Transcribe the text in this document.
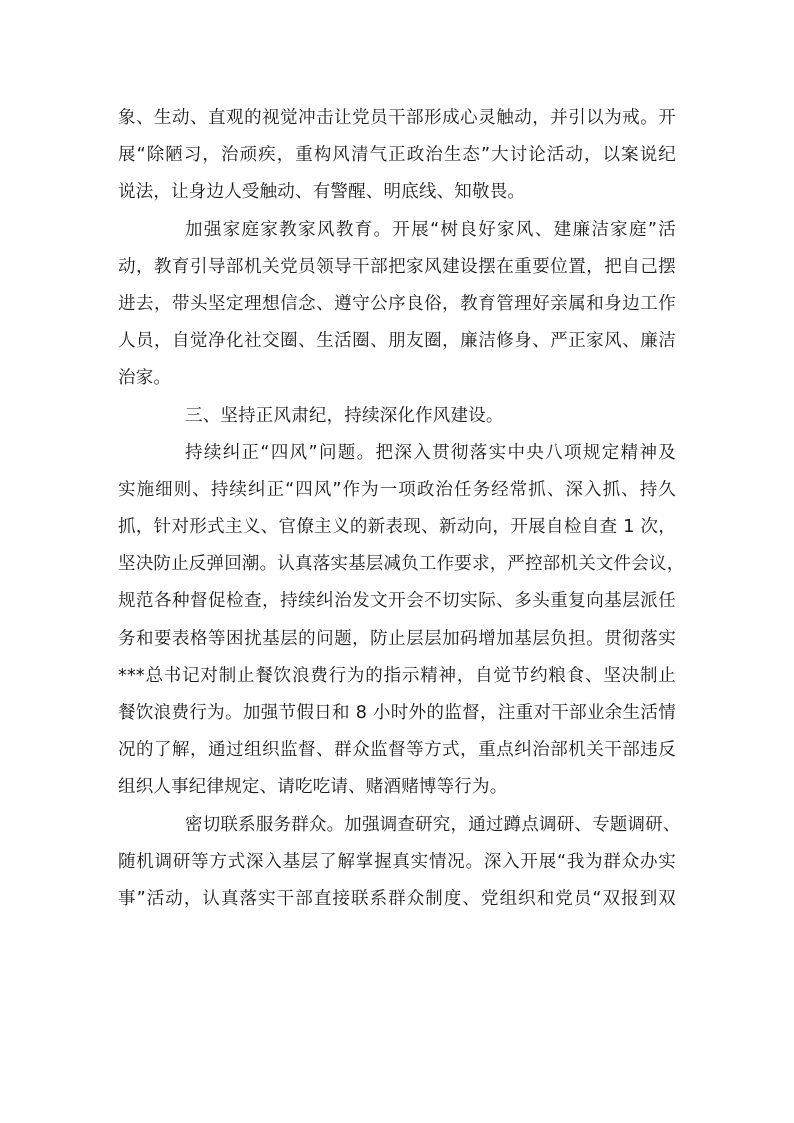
象、生动、直观的视觉冲击让党员干部形成心灵触动，并引以为戒。开
展“除陋习，治顽疾，重构风清气正政治生态”大讨论活动，以案说纪
说法，让身边人受触动、有警醒、明底线、知敬畏。
加强家庭家教家风教育。开展“树良好家风、建廉洁家庭”活
动，教育引导部机关党员领导干部把家风建设摆在重要位置，把自己摆
进去，带头坚定理想信念、遵守公序良俗，教育管理好亲属和身边工作
人员，自觉净化社交圈、生活圈、朋友圈，廉洁修身、严正家风、廉洁
治家。
三、坚持正风肃纪，持续深化作风建设。
持续纠正“四风”问题。把深入贯彻落实中央八项规定精神及
实施细则、持续纠正“四风”作为一项政治任务经常抓、深入抓、持久
抓，针对形式主义、官僚主义的新表现、新动向，开展自检自查 1 次，
坚决防止反弹回潮。认真落实基层减负工作要求，严控部机关文件会议，
规范各种督促检查，持续纠治发文开会不切实际、多头重复向基层派任
务和要表格等困扰基层的问题，防止层层加码增加基层负担。贯彻落实
***总书记对制止餐饮浪费行为的指示精神，自觉节约粮食、坚决制止
餐饮浪费行为。加强节假日和 8 小时外的监督，注重对干部业余生活情
况的了解，通过组织监督、群众监督等方式，重点纠治部机关干部违反
组织人事纪律规定、请吃吃请、赌酒赌博等行为。
密切联系服务群众。加强调查研究，通过蹲点调研、专题调研、
随机调研等方式深入基层了解掌握真实情况。深入开展“我为群众办实
事”活动，认真落实干部直接联系群众制度、党组织和党员“双报到双
